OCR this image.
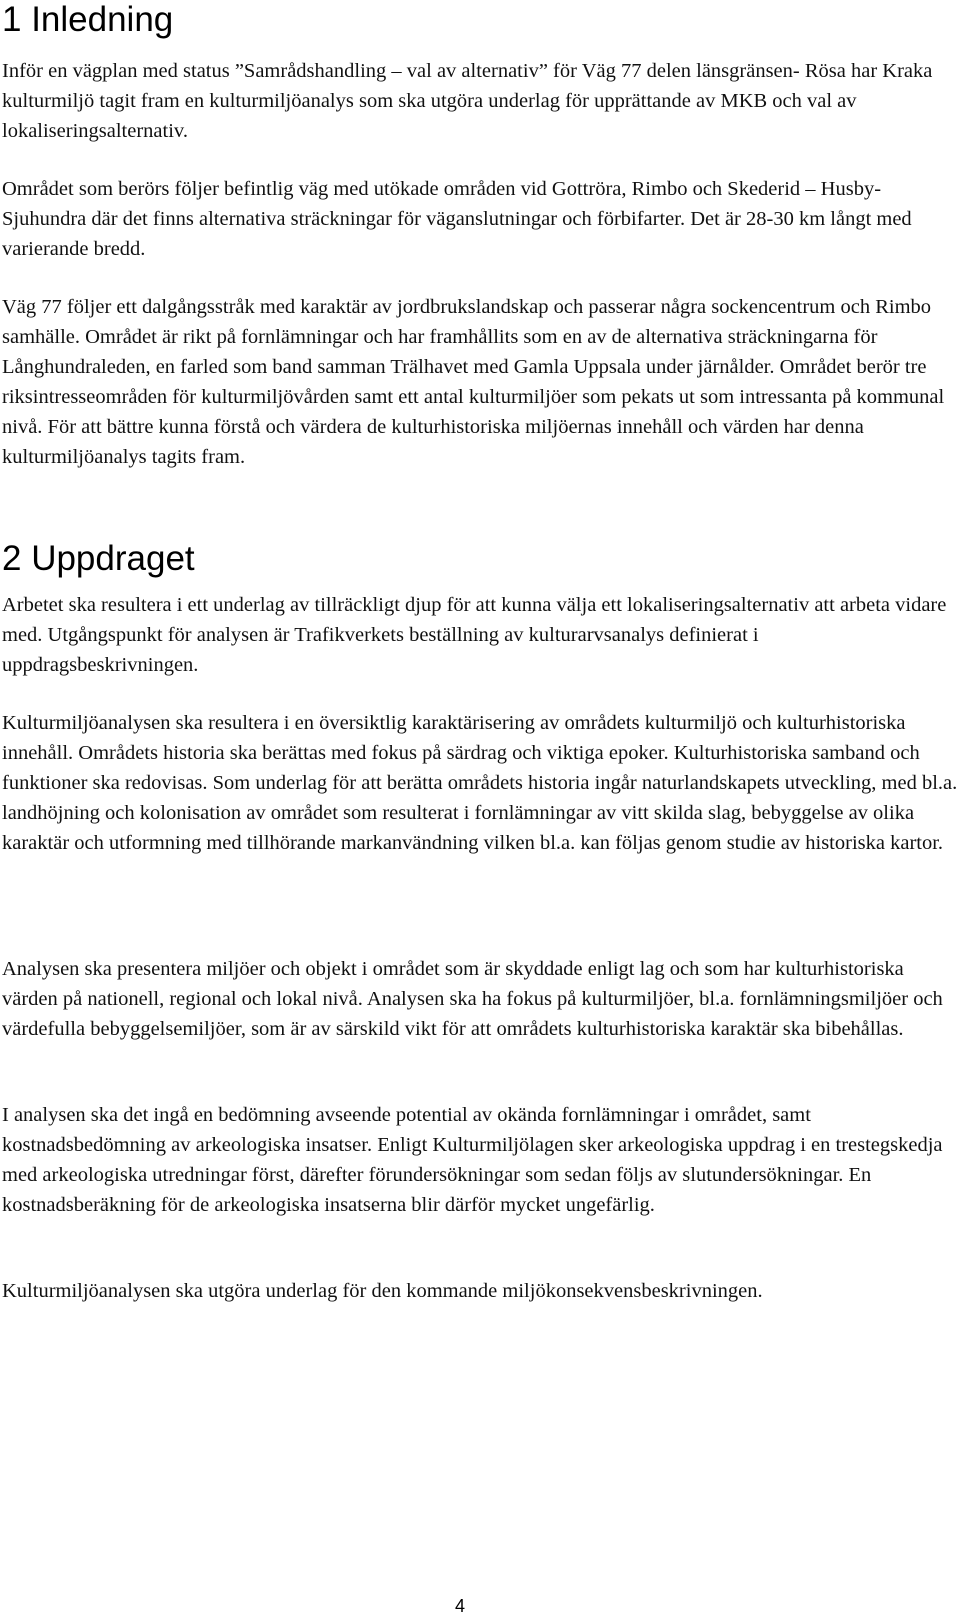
1 Inledning

Inför en vägplan med status ”Samrådshandling – val av alternativ” för Väg 77 delen länsgränsen- Rösa har Kraka kulturmiljö tagit fram en kulturmiljöanalys som ska utgöra underlag för upprättande av MKB och val av lokaliseringsalternativ.

Området som berörs följer befintlig väg med utökade områden vid Gottröra, Rimbo och Skederid – Husby-Sjuhundra där det finns alternativa sträckningar för väganslutningar och förbifarter. Det är 28-30 km långt med varierande bredd.

Väg 77 följer ett dalgångsstråk med karaktär av jordbrukslandskap och passerar några sockencentrum och Rimbo samhälle. Området är rikt på fornlämningar och har framhållits som en av de alternativa sträckningarna för Långhundraleden, en farled som band samman Trälhavet med Gamla Uppsala under järnålder. Området berör tre riksintresseområden för kulturmiljövården samt ett antal kulturmiljöer som pekats ut som intressanta på kommunal nivå. För att bättre kunna förstå och värdera de kulturhistoriska miljöernas innehåll och värden har denna kulturmiljöanalys tagits fram.

2 Uppdraget

Arbetet ska resultera i ett underlag av tillräckligt djup för att kunna välja ett lokaliseringsalternativ att arbeta vidare med. Utgångspunkt för analysen är Trafikverkets beställning av kulturarvsanalys definierat i uppdragsbeskrivningen.

Kulturmiljöanalysen ska resultera i en översiktlig karaktärisering av områdets kulturmiljö och kulturhistoriska innehåll. Områdets historia ska berättas med fokus på särdrag och viktiga epoker. Kulturhistoriska samband och funktioner ska redovisas. Som underlag för att berätta områdets historia ingår naturlandskapets utveckling, med bl.a. landhöjning och kolonisation av området som resulterat i fornlämningar av vitt skilda slag, bebyggelse av olika karaktär och utformning med tillhörande markanvändning vilken bl.a. kan följas genom studie av historiska kartor.

Analysen ska presentera miljöer och objekt i området som är skyddade enligt lag och som har kulturhistoriska värden på nationell, regional och lokal nivå. Analysen ska ha fokus på kulturmiljöer, bl.a. fornlämningsmiljöer och värdefulla bebyggelsemiljöer, som är av särskild vikt för att områdets kulturhistoriska karaktär ska bibehållas.

I analysen ska det ingå en bedömning avseende potential av okända fornlämningar i området, samt kostnadsbedömning av arkeologiska insatser. Enligt Kulturmiljölagen sker arkeologiska uppdrag i en trestegskedja med arkeologiska utredningar först, därefter förundersökningar som sedan följs av slutundersökningar. En kostnadsberäkning för de arkeologiska insatserna blir därför mycket ungefärlig.

Kulturmiljöanalysen ska utgöra underlag för den kommande miljökonsekvensbeskrivningen.

4
